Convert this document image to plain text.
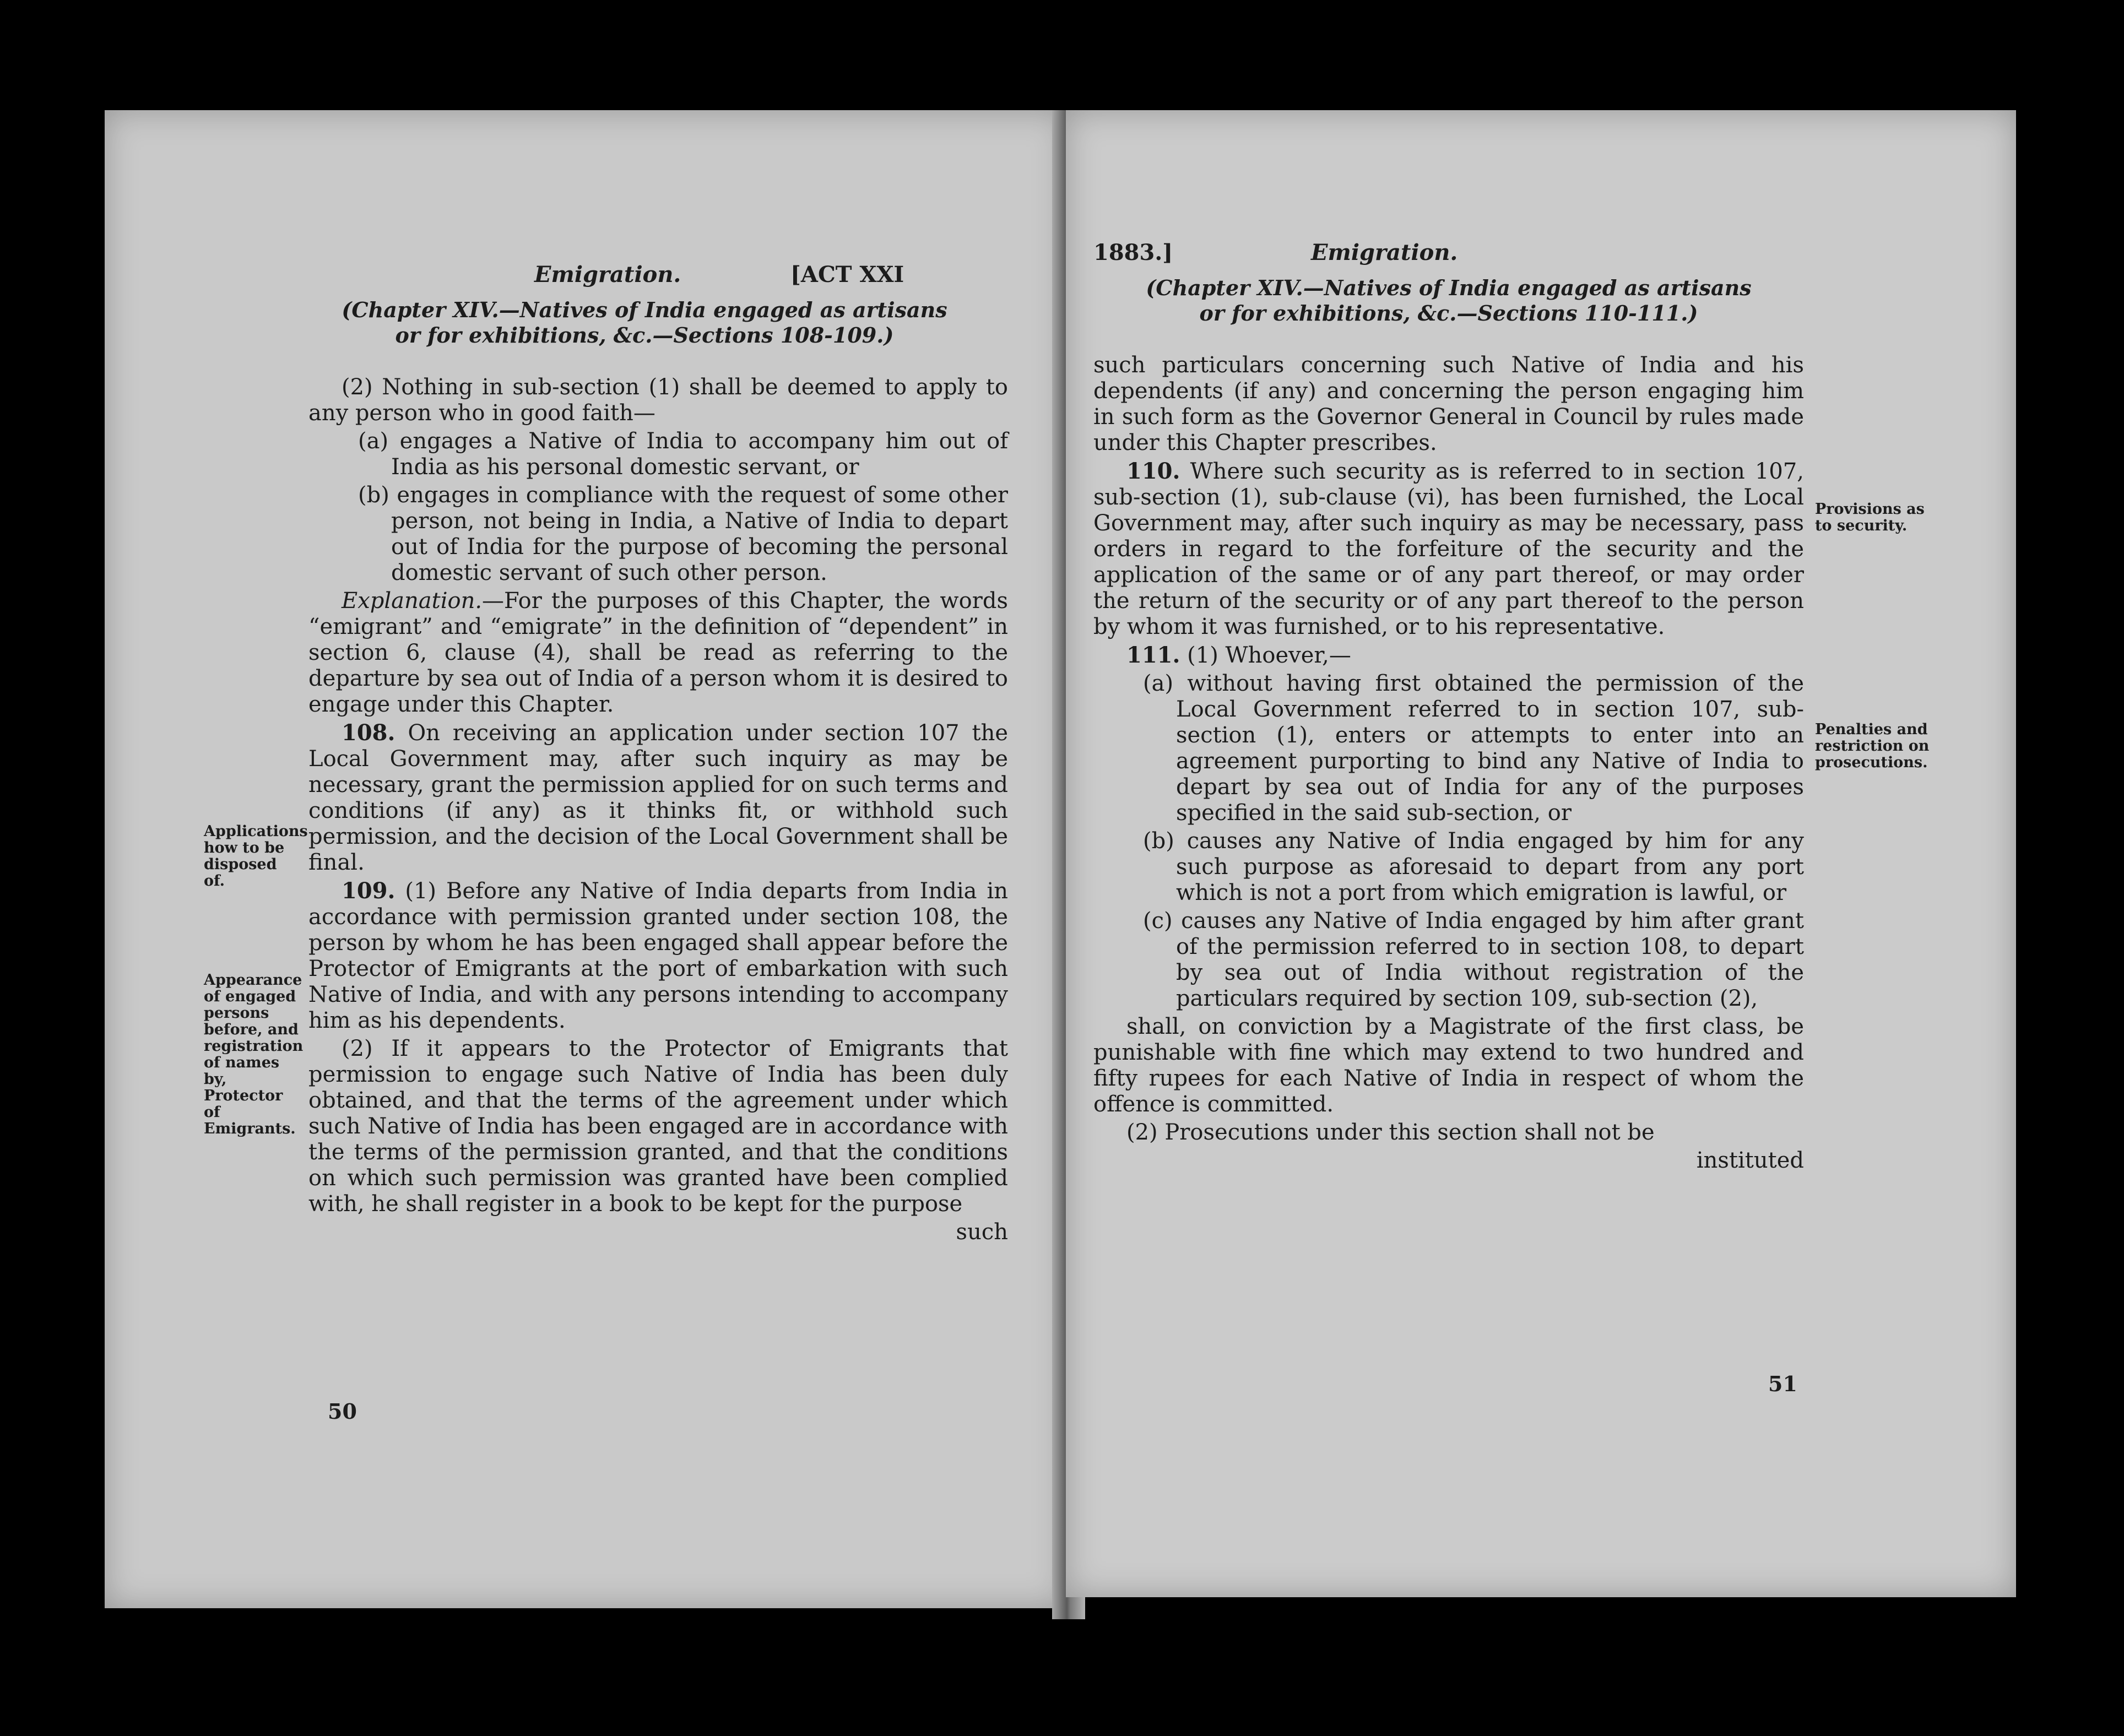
Emigration.	[ACT XXI
(Chapter XIV.—Natives of India engaged as artisans
or for exhibitions, &c.—Sections 108-109.)

(2) Nothing in sub-section (1) shall be deemed to apply to any person who in good faith—

(a) engages a Native of India to accompany him out of India as his personal domestic servant, or

(b) engages in compliance with the request of some other person, not being in India, a Native of India to depart out of India for the purpose of becoming the personal domestic servant of such other person.

Explanation.—For the purposes of this Chapter, the words “emigrant” and “emigrate” in the definition of “dependent” in section 6, clause (4), shall be read as referring to the departure by sea out of India of a person whom it is desired to engage under this Chapter.

108. On receiving an application under section 107 the Local Government may, after such inquiry as may be necessary, grant the permission applied for on such terms and conditions (if any) as it thinks fit, or withhold such permission, and the decision of the Local Government shall be final.

109. (1) Before any Native of India departs from India in accordance with permission granted under section 108, the person by whom he has been engaged shall appear before the Protector of Emigrants at the port of embarkation with such Native of India, and with any persons intending to accompany him as his dependents.

(2) If it appears to the Protector of Emigrants that permission to engage such Native of India has been duly obtained, and that the terms of the agreement under which such Native of India has been engaged are in accordance with the terms of the permission granted, and that the conditions on which such permission was granted have been complied with, he shall register in a book to be kept for the purpose

such
Applications how to be disposed of.
Appearance of engaged persons before, and registration of names by, Protector of Emigrants.
50
1883.]	Emigration.
(Chapter XIV.—Natives of India engaged as artisans
or for exhibitions, &c.—Sections 110-111.)

such particulars concerning such Native of India and his dependents (if any) and concerning the person engaging him in such form as the Governor General in Council by rules made under this Chapter prescribes.

110. Where such security as is referred to in section 107, sub-section (1), sub-clause (vi), has been furnished, the Local Government may, after such inquiry as may be necessary, pass orders in regard to the forfeiture of the security and the application of the same or of any part thereof, or may order the return of the security or of any part thereof to the person by whom it was furnished, or to his representative.

111. (1) Whoever,—

(a) without having first obtained the permission of the Local Government referred to in section 107, sub-section (1), enters or attempts to enter into an agreement purporting to bind any Native of India to depart by sea out of India for any of the purposes specified in the said sub-section, or

(b) causes any Native of India engaged by him for any such purpose as aforesaid to depart from any port which is not a port from which emigration is lawful, or

(c) causes any Native of India engaged by him after grant of the permission referred to in section 108, to depart by sea out of India without registration of the particulars required by section 109, sub-section (2),

shall, on conviction by a Magistrate of the first class, be punishable with fine which may extend to two hundred and fifty rupees for each Native of India in respect of whom the offence is committed.

(2) Prosecutions under this section shall not be

instituted
Provisions as to security.
Penalties and restriction on prosecutions.
51
